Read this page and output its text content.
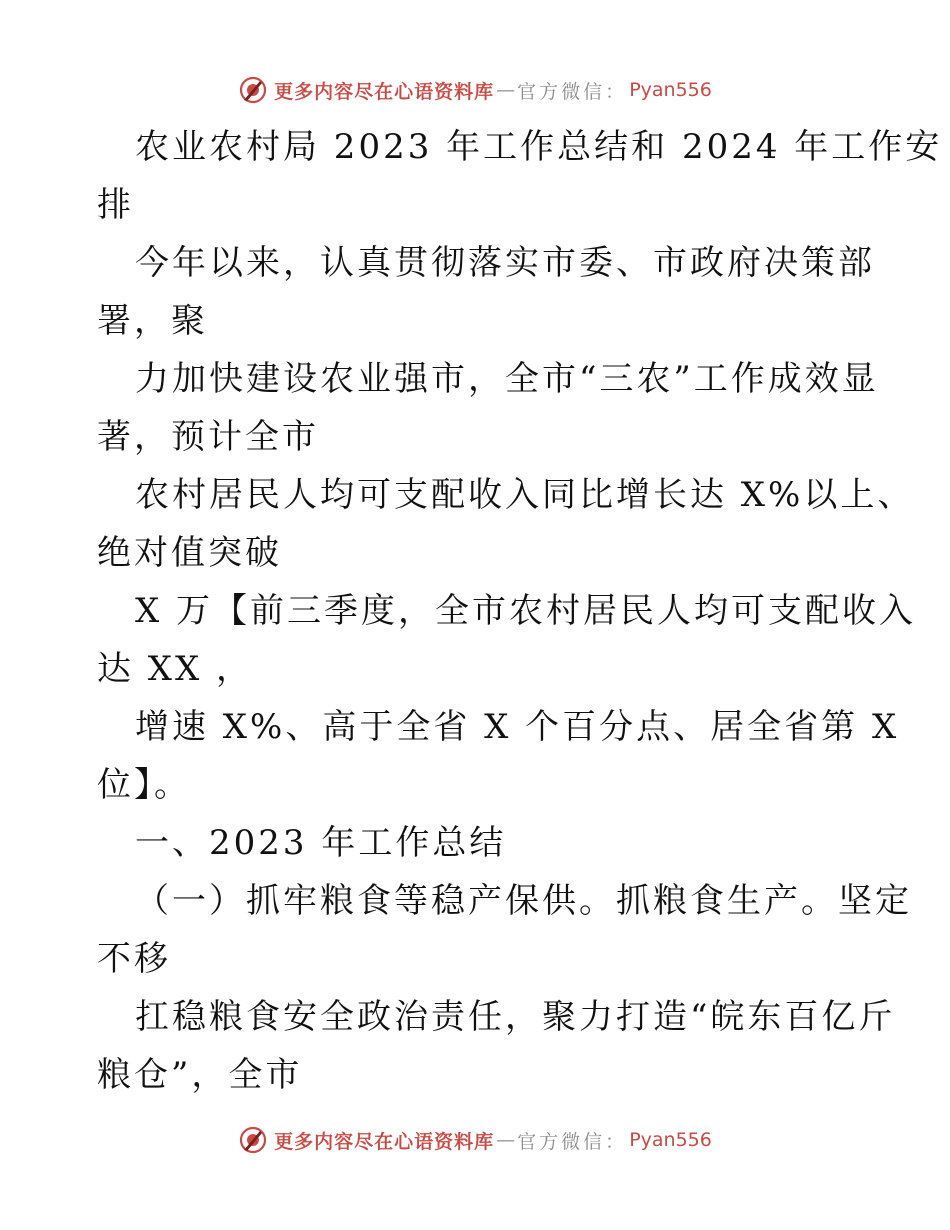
更多内容尽在心语资料库 — 官方微信： Pyan556
农业农村局 2023 年工作总结和 2024 年工作安
排
今年以来，认真贯彻落实市委、市政府决策部
署，聚
力加快建设农业强市，全市“三农”工作成效显
著，预计全市
农村居民人均可支配收入同比增长达 X%以上、
绝对值突破
X 万【前三季度，全市农村居民人均可支配收入
达 XX ，
增速 X%、高于全省 X 个百分点、居全省第 X
位】。
一、2023 年工作总结
（一）抓牢粮食等稳产保供。抓粮食生产。坚定
不移
扛稳粮食安全政治责任，聚力打造“皖东百亿斤
粮仓”，全市
更多内容尽在心语资料库 — 官方微信： Pyan556
